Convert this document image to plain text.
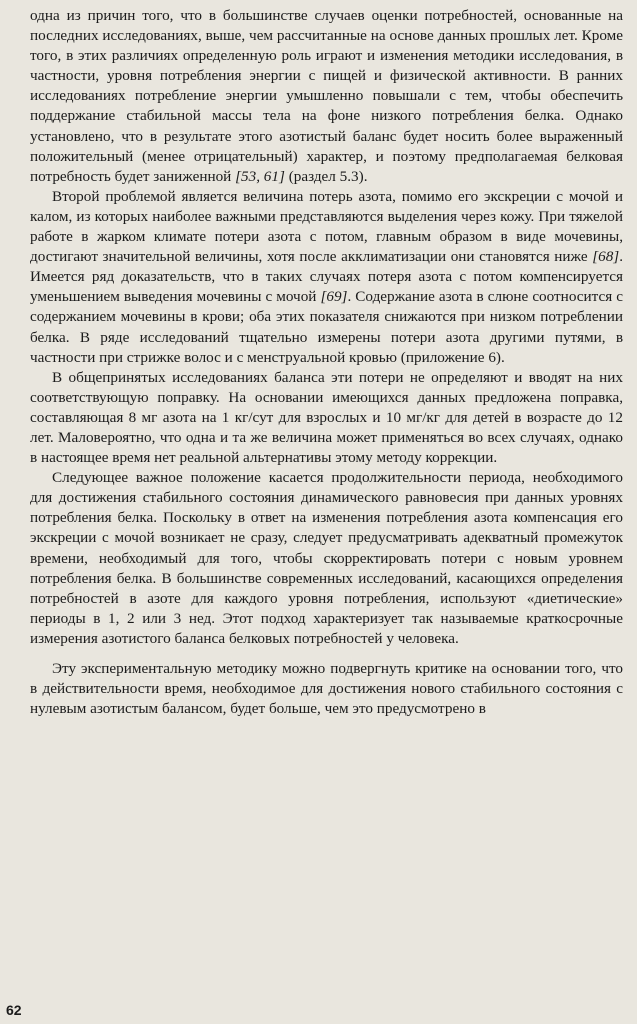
одна из причин того, что в большинстве случаев оценки потребностей, основанные на последних исследованиях, выше, чем рассчитанные на основе данных прошлых лет. Кроме того, в этих различиях определенную роль играют и изменения методики исследования, в частности, уровня потребления энергии с пищей и физической активности. В ранних исследованиях потребление энергии умышленно повышали с тем, чтобы обеспечить поддержание стабильной массы тела на фоне низкого потребления белка. Однако установлено, что в результате этого азотистый баланс будет носить более выраженный положительный (менее отрицательный) характер, и поэтому предполагаемая белковая потребность будет заниженной [53, 61] (раздел 5.3).

Второй проблемой является величина потерь азота, помимо его экскреции с мочой и калом, из которых наиболее важными представляются выделения через кожу. При тяжелой работе в жарком климате потери азота с потом, главным образом в виде мочевины, достигают значительной величины, хотя после акклиматизации они становятся ниже [68]. Имеется ряд доказательств, что в таких случаях потеря азота с потом компенсируется уменьшением выведения мочевины с мочой [69]. Содержание азота в слюне соотносится с содержанием мочевины в крови; оба этих показателя снижаются при низком потреблении белка. В ряде исследований тщательно измерены потери азота другими путями, в частности при стрижке волос и с менструальной кровью (приложение 6).

В общепринятых исследованиях баланса эти потери не определяют и вводят на них соответствующую поправку. На основании имеющихся данных предложена поправка, составляющая 8 мг азота на 1 кг/сут для взрослых и 10 мг/кг для детей в возрасте до 12 лет. Маловероятно, что одна и та же величина может применяться во всех случаях, однако в настоящее время нет реальной альтернативы этому методу коррекции.

Следующее важное положение касается продолжительности периода, необходимого для достижения стабильного состояния динамического равновесия при данных уровнях потребления белка. Поскольку в ответ на изменения потребления азота компенсация его экскреции с мочой возникает не сразу, следует предусматривать адекватный промежуток времени, необходимый для того, чтобы скорректировать потери с новым уровнем потребления белка. В большинстве современных исследований, касающихся определения потребностей в азоте для каждого уровня потребления, используют «диетические» периоды в 1, 2 или 3 нед. Этот подход характеризует так называемые краткосрочные измерения азотистого баланса белковых потребностей у человека.

Эту экспериментальную методику можно подвергнуть критике на основании того, что в действительности время, необходимое для достижения нового стабильного состояния с нулевым азотистым балансом, будет больше, чем это предусмотрено в

62
